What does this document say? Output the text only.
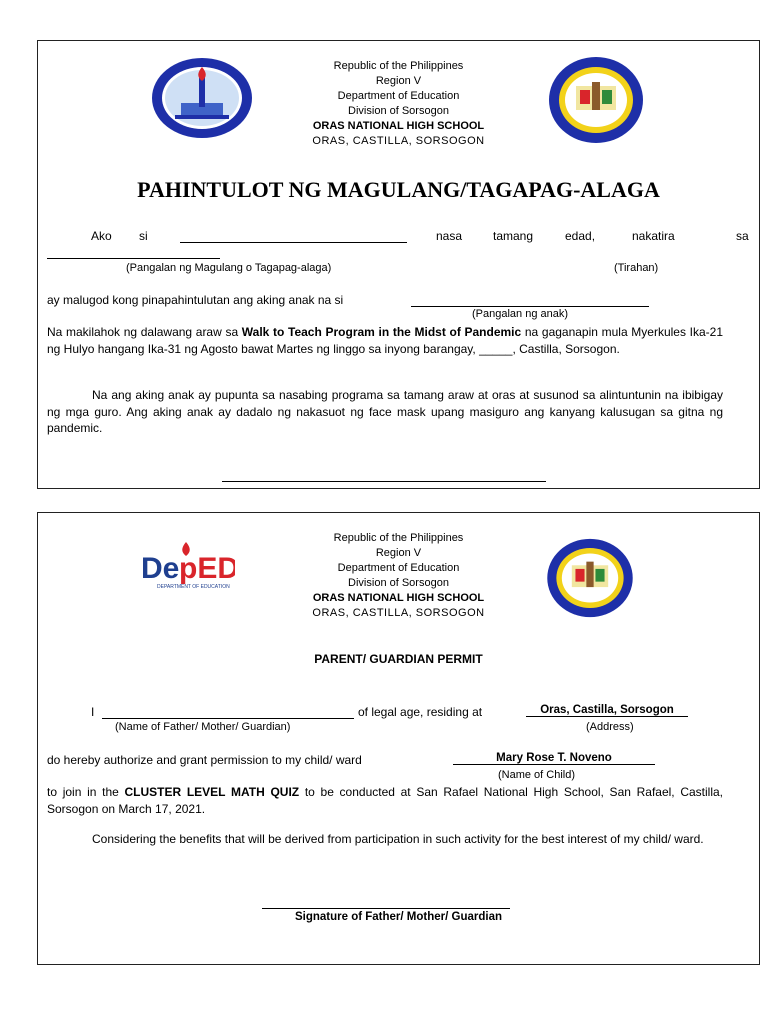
Republic of the Philippines
Region V
Department of Education
Division of Sorsogon
ORAS NATIONAL HIGH SCHOOL
ORAS, CASTILLA, SORSOGON
PAHINTULOT NG MAGULANG/TAGAPAG-ALAGA
Ako si	nasa	tamang	edad,	nakatira	sa
(Pangalan ng Magulang o Tagapag-alaga)	(Tirahan)
ay malugod kong pinapahintulutan ang aking anak na si
(Pangalan ng anak)
Na makilahok ng dalawang araw sa Walk to Teach Program in the Midst of Pandemic na gaganapin mula Myerkules Ika-21 ng Hulyo hangang Ika-31 ng Agosto bawat Martes ng linggo sa inyong barangay, _____, Castilla, Sorsogon.
Na ang aking anak ay pupunta sa nasabing programa sa tamang araw at oras at susunod sa alintuntunin na ibibigay ng mga guro. Ang aking anak ay dadalo ng nakasuot ng face mask upang masiguro ang kanyang kalusugan sa gitna ng pandemic.
De pED
DEPARTMENT OF EDUCATION
Republic of the Philippines
Region V
Department of Education
Division of Sorsogon
ORAS NATIONAL HIGH SCHOOL
ORAS, CASTILLA, SORSOGON
PARENT/ GUARDIAN PERMIT
I	of legal age, residing at	Oras, Castilla, Sorsogon
(Name of Father/ Mother/ Guardian)	(Address)
do hereby authorize and grant permission to my child/ ward	Mary Rose T. Noveno
(Name of Child)
to join in the CLUSTER LEVEL MATH QUIZ to be conducted at San Rafael National High School, San Rafael, Castilla, Sorsogon on March 17, 2021.
Considering the benefits that will be derived from participation in such activity for the best interest of my child/ ward.
Signature of Father/ Mother/ Guardian
